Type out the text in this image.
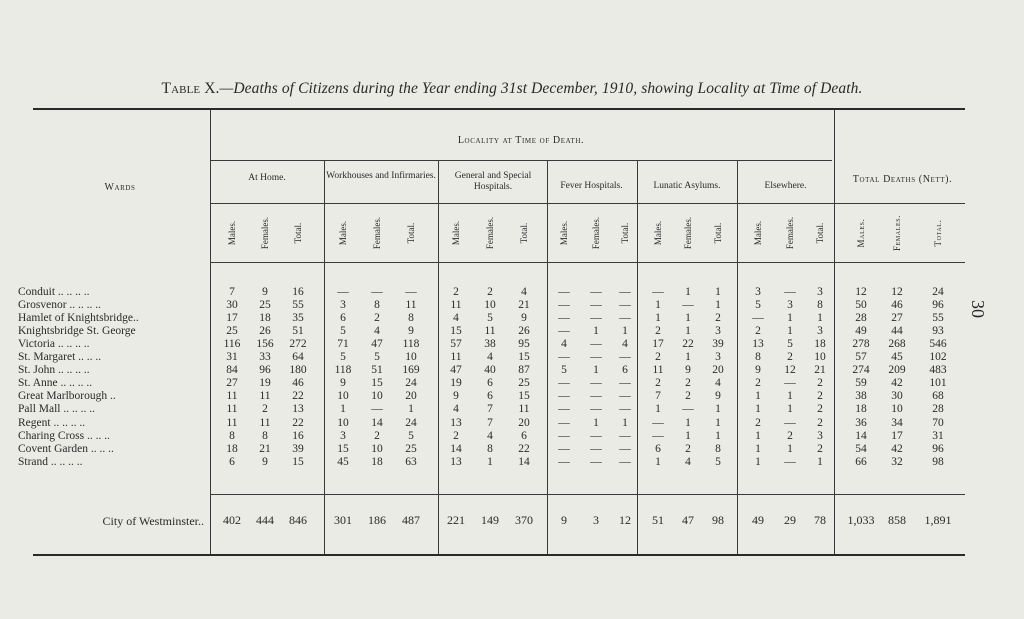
30
Table X.—Deaths of Citizens during the Year ending 31st December, 1910, showing Locality at Time of Death.
Wards
Locality at Time of Death.
Total Deaths (Nett).
At Home.	Workhouses and Infirmaries.	General and Special Hospitals.	Fever Hospitals.	Lunatic Asylums.	Elsewhere.
Males.	Females.	Total.	Males.	Females.	Total.	Males.	Females.	Total.	Males. Females. Total.	Males. Females. Total.	Males. Females. Total.	Males.	Females.	Total.
Conduit .. .. .. ..	7	9	16	—	—	—	2	2	4	—	—	—	—	1	1	3	—	3	12	12	24
Grosvenor .. .. .. ..	30	25	55	3	8	11	11	10	21	—	—	—	1	—	1	5	3	8	50	46	96
Hamlet of Knightsbridge..	17	18	35	6	2	8	4	5	9	—	—	—	1	1	2	—	1	1	28	27	55
Knightsbridge St. George	25	26	51	5	4	9	15	11	26	—	1	1	2	1	3	2	1	3	49	44	93
Victoria .. .. .. ..	116	156	272	71	47	118	57	38	95	4	—	4	17	22	39	13	5	18	278	268	546
St. Margaret .. .. ..	31	33	64	5	5	10	11	4	15	—	—	—	2	1	3	8	2	10	57	45	102
St. John .. .. .. ..	84	96	180	118	51	169	47	40	87	5	1	6	11	9	20	9	12	21	274	209	483
St. Anne .. .. .. ..	27	19	46	9	15	24	19	6	25	—	—	—	2	2	4	2	—	2	59	42	101
Great Marlborough ..	11	11	22	10	10	20	9	6	15	—	—	—	7	2	9	1	1	2	38	30	68
Pall Mall .. .. .. ..	11	2	13	1	—	1	4	7	11	—	—	—	1	—	1	1	1	2	18	10	28
Regent .. .. .. ..	11	11	22	10	14	24	13	7	20	—	1	1	—	1	1	2	—	2	36	34	70
Charing Cross .. .. ..	8	8	16	3	2	5	2	4	6	—	—	—	—	1	1	1	2	3	14	17	31
Covent Garden .. .. ..	18	21	39	15	10	25	14	8	22	—	—	—	6	2	8	1	1	2	54	42	96
Strand .. .. .. ..	6	9	15	45	18	63	13	1	14	—	—	—	1	4	5	1	—	1	66	32	98
City of Westminster..	402	444	846	301	186	487	221	149	370	9	3	12	51	47	98	49	29	78	1,033	858	1,891
